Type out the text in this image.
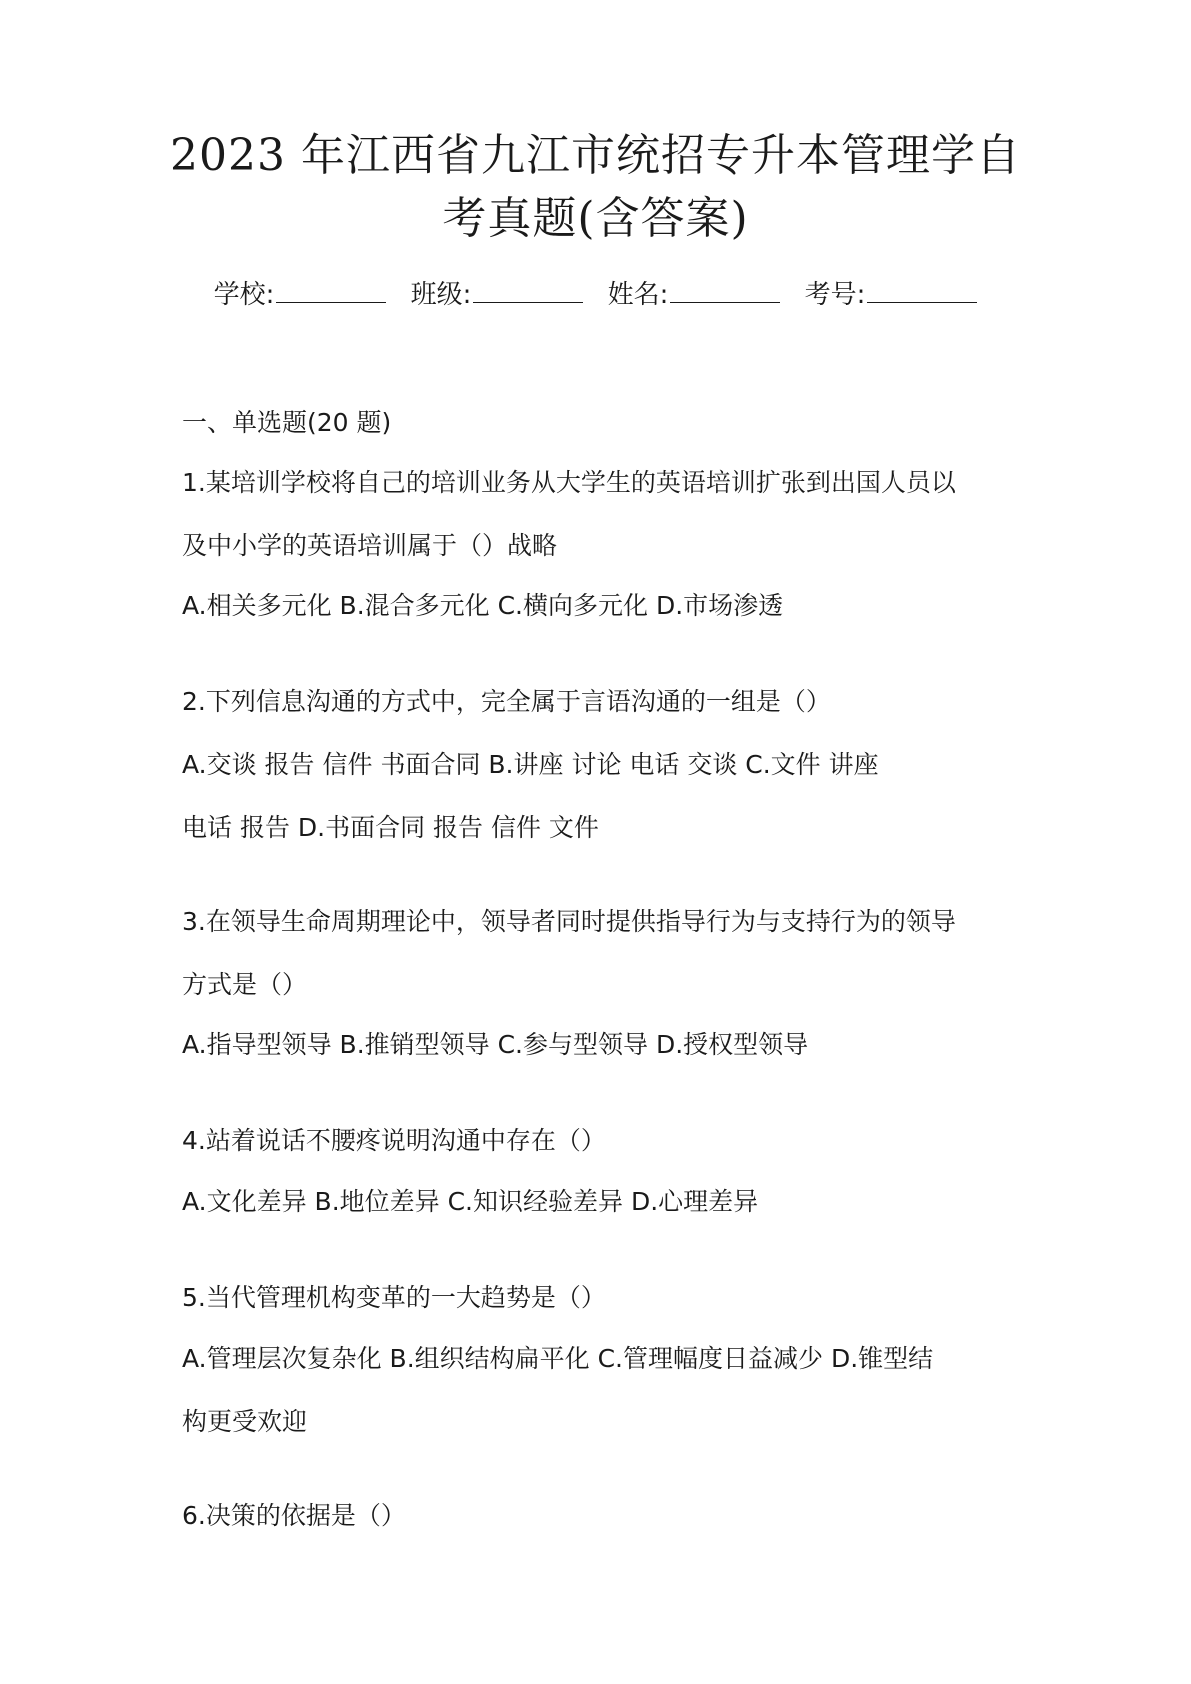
2023 年江西省九江市统招专升本管理学自
考真题(含答案)
学校:	班级:	姓名:	考号:
一、单选题(20 题)
1.某培训学校将自己的培训业务从大学生的英语培训扩张到出国人员以
及中小学的英语培训属于（）战略
A.相关多元化 B.混合多元化 C.横向多元化 D.市场渗透
2.下列信息沟通的方式中，完全属于言语沟通的一组是（）
A.交谈 报告 信件 书面合同 B.讲座 讨论 电话 交谈 C.文件 讲座
电话 报告 D.书面合同 报告 信件 文件
3.在领导生命周期理论中，领导者同时提供指导行为与支持行为的领导
方式是（）
A.指导型领导 B.推销型领导 C.参与型领导 D.授权型领导
4.站着说话不腰疼说明沟通中存在（）
A.文化差异 B.地位差异 C.知识经验差异 D.心理差异
5.当代管理机构变革的一大趋势是（）
A.管理层次复杂化 B.组织结构扁平化 C.管理幅度日益减少 D.锥型结
构更受欢迎
6.决策的依据是（）
